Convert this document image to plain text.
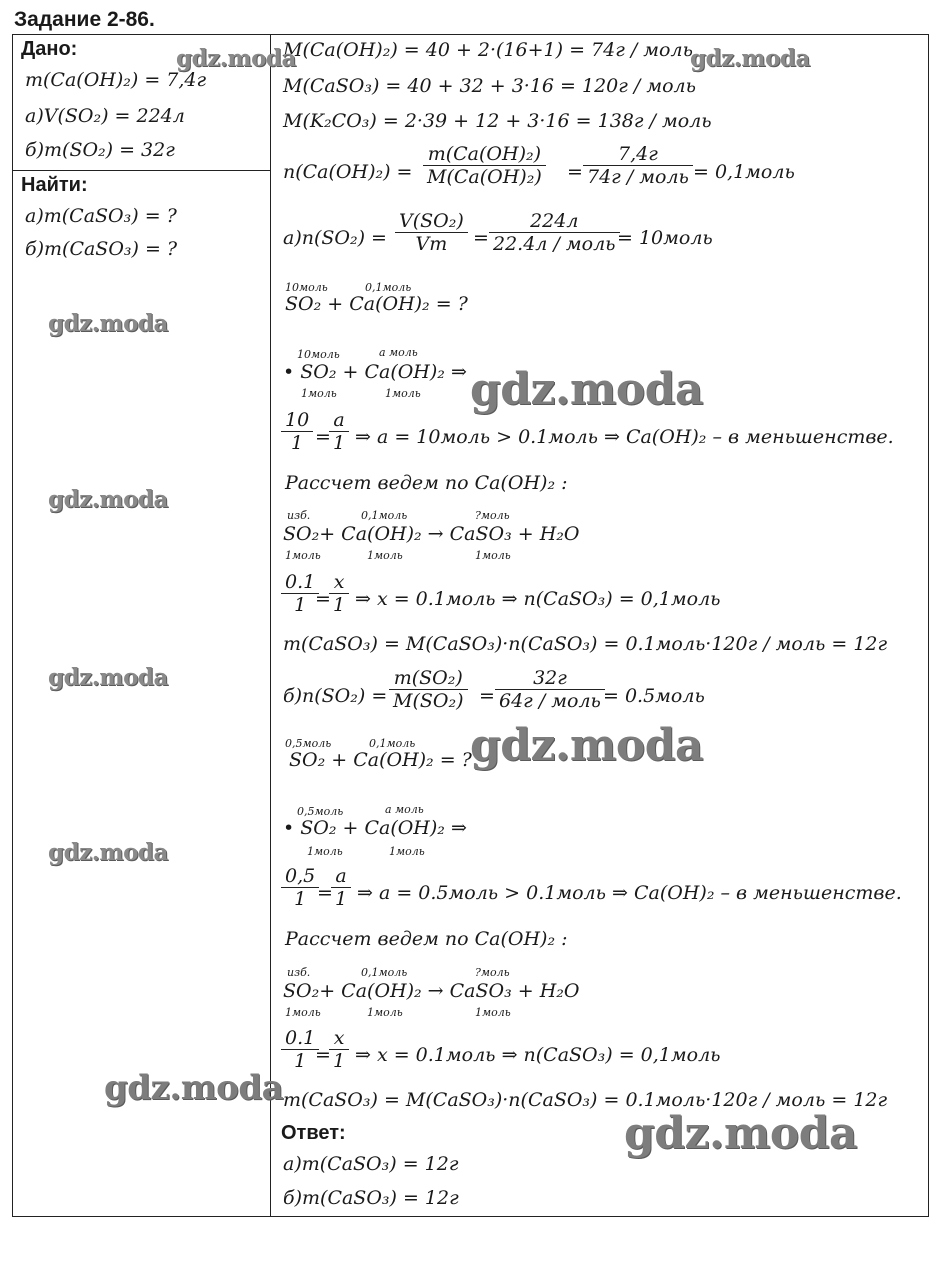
Задание 2-86.
Дано:
m(Ca(OH)₂) = 7,4г
а)V(SO₂) = 224л
б)m(SO₂) = 32г
Найти:
а)m(CaSO₃) = ?
б)m(CaSO₃) = ?
M(Ca(OH)₂) = 40 + 2·(16+1) = 74г / моль
M(CaSO₃) = 40 + 32 + 3·16 = 120г / моль
M(K₂CO₃) = 2·39 + 12 + 3·16 = 138г / моль
$n(Ca(OH)_2) = \frac{\text{m(Ca(OH)₂)}}{\text{M(Ca(OH)₂)}}$ =
7,4г
74г / моль = 0,1моль
$а)n(SO_2) = \frac{\text{V(SO₂)}}{Vm}$ =
224л
22.4л / моль = 10моль
10моль	0,1моль
SO₂ + Ca(OH)₂ = ?
10моль	a моль
• SO₂ + Ca(OH)₂ ⇒
1моль	1моль
$\frac{10}{1}$ =
$\frac{a}{1}$ ⇒ a = 10моль > 0.1моль ⇒ Ca(OH)₂ – в меньшенстве.
Рассчет ведем по Ca(OH)₂ :
изб.	0,1моль	?моль
SO₂+ Ca(OH)₂ → CaSO₃ + H₂O
1моль	1моль	1моль
$\frac{0.1}{1}$
=
$\frac{x}{1}$ ⇒ x = 0.1моль ⇒ n(CaSO₃) = 0,1моль
m(CaSO₃) = M(CaSO₃)·n(CaSO₃) = 0.1моль·120г / моль = 12г
$б)n(SO_2) = \frac{\text{m(SO₂)}}{\text{M(SO₂)}}$ =
32г
64г / моль = 0.5моль
0,5моль	0,1моль
SO₂ + Ca(OH)₂ = ?
0,5моль	a моль
• SO₂ + Ca(OH)₂ ⇒
1моль	1моль
$\frac{0,5}{1}$
=
$\frac{a}{1}$ ⇒ a = 0.5моль > 0.1моль ⇒ Ca(OH)₂ – в меньшенстве.
Рассчет ведем по Ca(OH)₂ :
изб.	0,1моль	?моль
SO₂+ Ca(OH)₂ → CaSO₃ + H₂O
1моль	1моль	1моль
$\frac{0.1}{1}$
=
$\frac{x}{1}$ ⇒ x = 0.1моль ⇒ n(CaSO₃) = 0,1моль
m(CaSO₃) = M(CaSO₃)·n(CaSO₃) = 0.1моль·120г / моль = 12г
Ответ:
а)m(CaSO₃) = 12г
б)m(CaSO₃) = 12г
gdz.moda	gdz.moda
gdz.moda
gdz.moda
gdz.moda
gdz.moda
gdz.moda
gdz.moda
gdz.moda
gdz.moda
